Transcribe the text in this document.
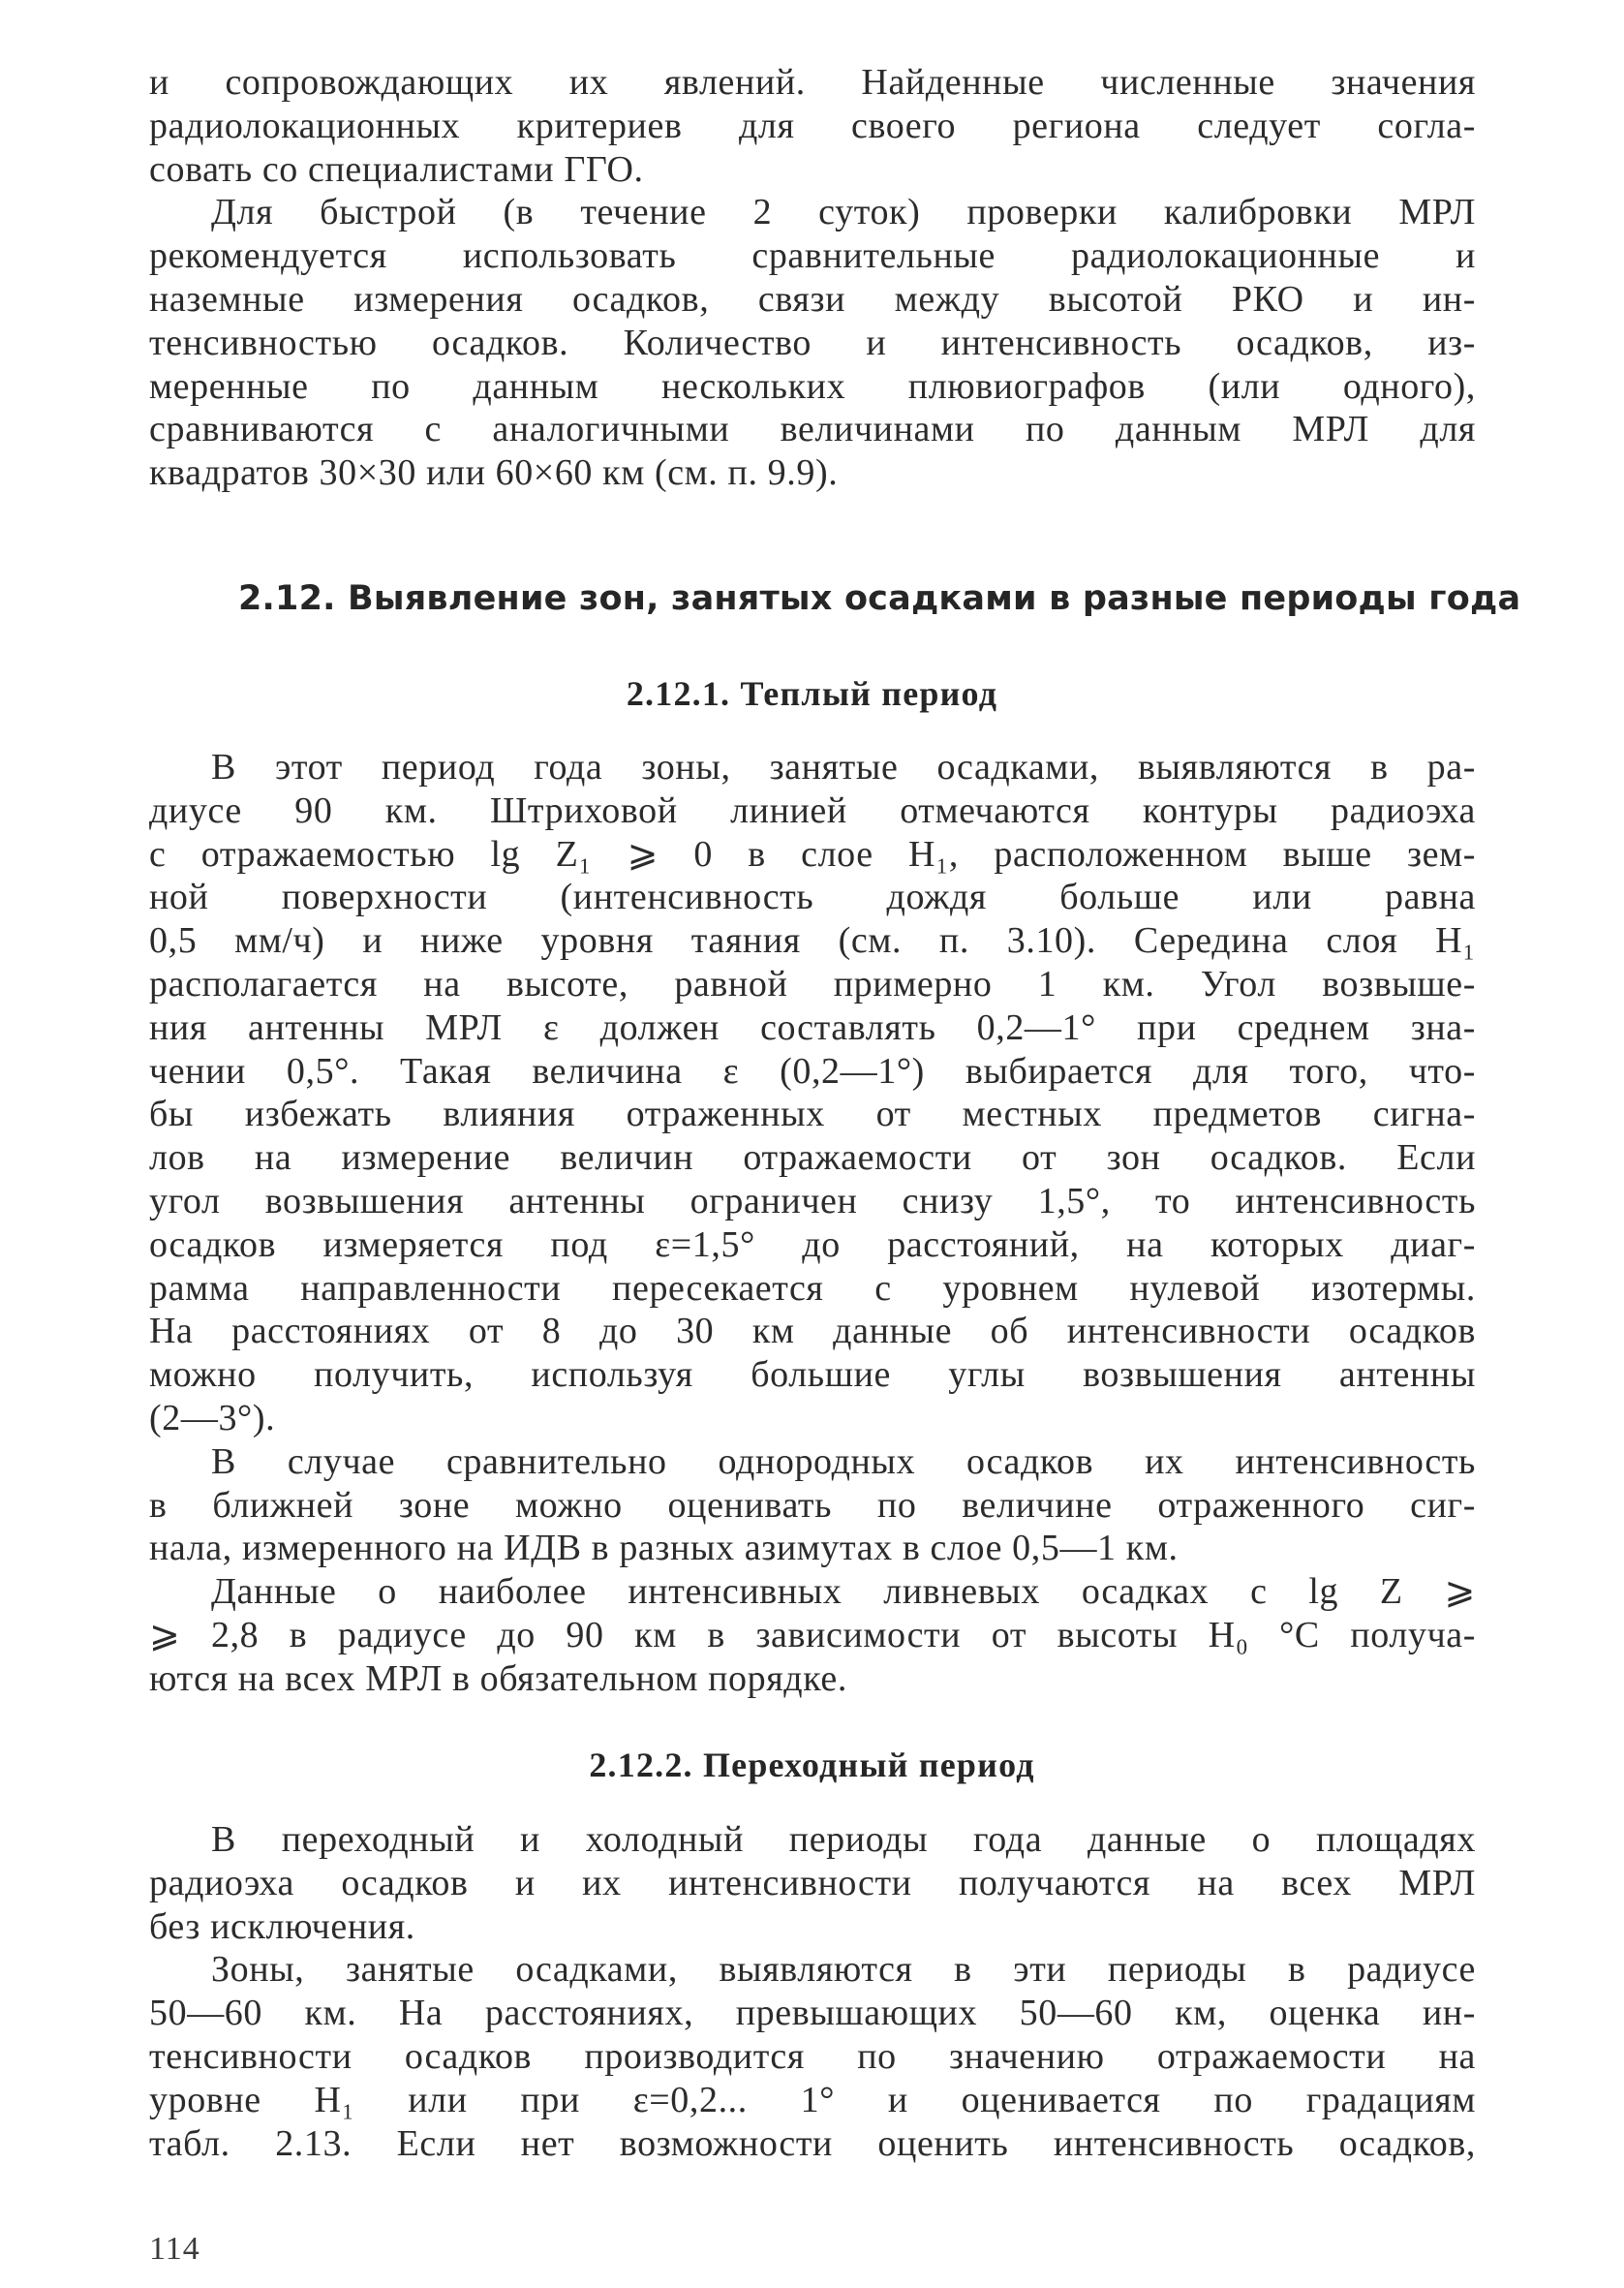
и сопровождающих их явлений. Найденные численные значения
радиолокационных критериев для своего региона следует согла-
совать со специалистами ГГО.
Для быстрой (в течение 2 суток) проверки калибровки МРЛ
рекомендуется использовать сравнительные радиолокационные и
наземные измерения осадков, связи между высотой РКО и ин-
тенсивностью осадков. Количество и интенсивность осадков, из-
меренные по данным нескольких плювиографов (или одного),
сравниваются с аналогичными величинами по данным МРЛ для
квадратов 30×30 или 60×60 км (см. п. 9.9).
2.12. Выявление зон, занятых осадками в разные периоды года
2.12.1. Теплый период
В этот период года зоны, занятые осадками, выявляются в ра-
диусе 90 км. Штриховой линией отмечаются контуры радиоэха
с отражаемостью lg Z₁ ⩾ 0 в слое H₁, расположенном выше зем-
ной поверхности (интенсивность дождя больше или равна
0,5 мм/ч) и ниже уровня таяния (см. п. 3.10). Середина слоя H₁
располагается на высоте, равной примерно 1 км. Угол возвыше-
ния антенны МРЛ ε должен составлять 0,2—1° при среднем зна-
чении 0,5°. Такая величина ε (0,2—1°) выбирается для того, что-
бы избежать влияния отраженных от местных предметов сигна-
лов на измерение величин отражаемости от зон осадков. Если
угол возвышения антенны ограничен снизу 1,5°, то интенсивность
осадков измеряется под ε=1,5° до расстояний, на которых диаг-
рамма направленности пересекается с уровнем нулевой изотермы.
На расстояниях от 8 до 30 км данные об интенсивности осадков
можно получить, используя большие углы возвышения антенны
(2—3°).
В случае сравнительно однородных осадков их интенсивность
в ближней зоне можно оценивать по величине отраженного сиг-
нала, измеренного на ИДВ в разных азимутах в слое 0,5—1 км.
Данные о наиболее интенсивных ливневых осадках с lg Z ⩾
⩾ 2,8 в радиусе до 90 км в зависимости от высоты H₀ °C получа-
ются на всех МРЛ в обязательном порядке.
2.12.2. Переходный период
В переходный и холодный периоды года данные о площадях
радиоэха осадков и их интенсивности получаются на всех МРЛ
без исключения.
Зоны, занятые осадками, выявляются в эти периоды в радиусе
50—60 км. На расстояниях, превышающих 50—60 км, оценка ин-
тенсивности осадков производится по значению отражаемости на
уровне H₁ или при ε=0,2... 1° и оценивается по градациям
табл. 2.13. Если нет возможности оценить интенсивность осадков,
114
